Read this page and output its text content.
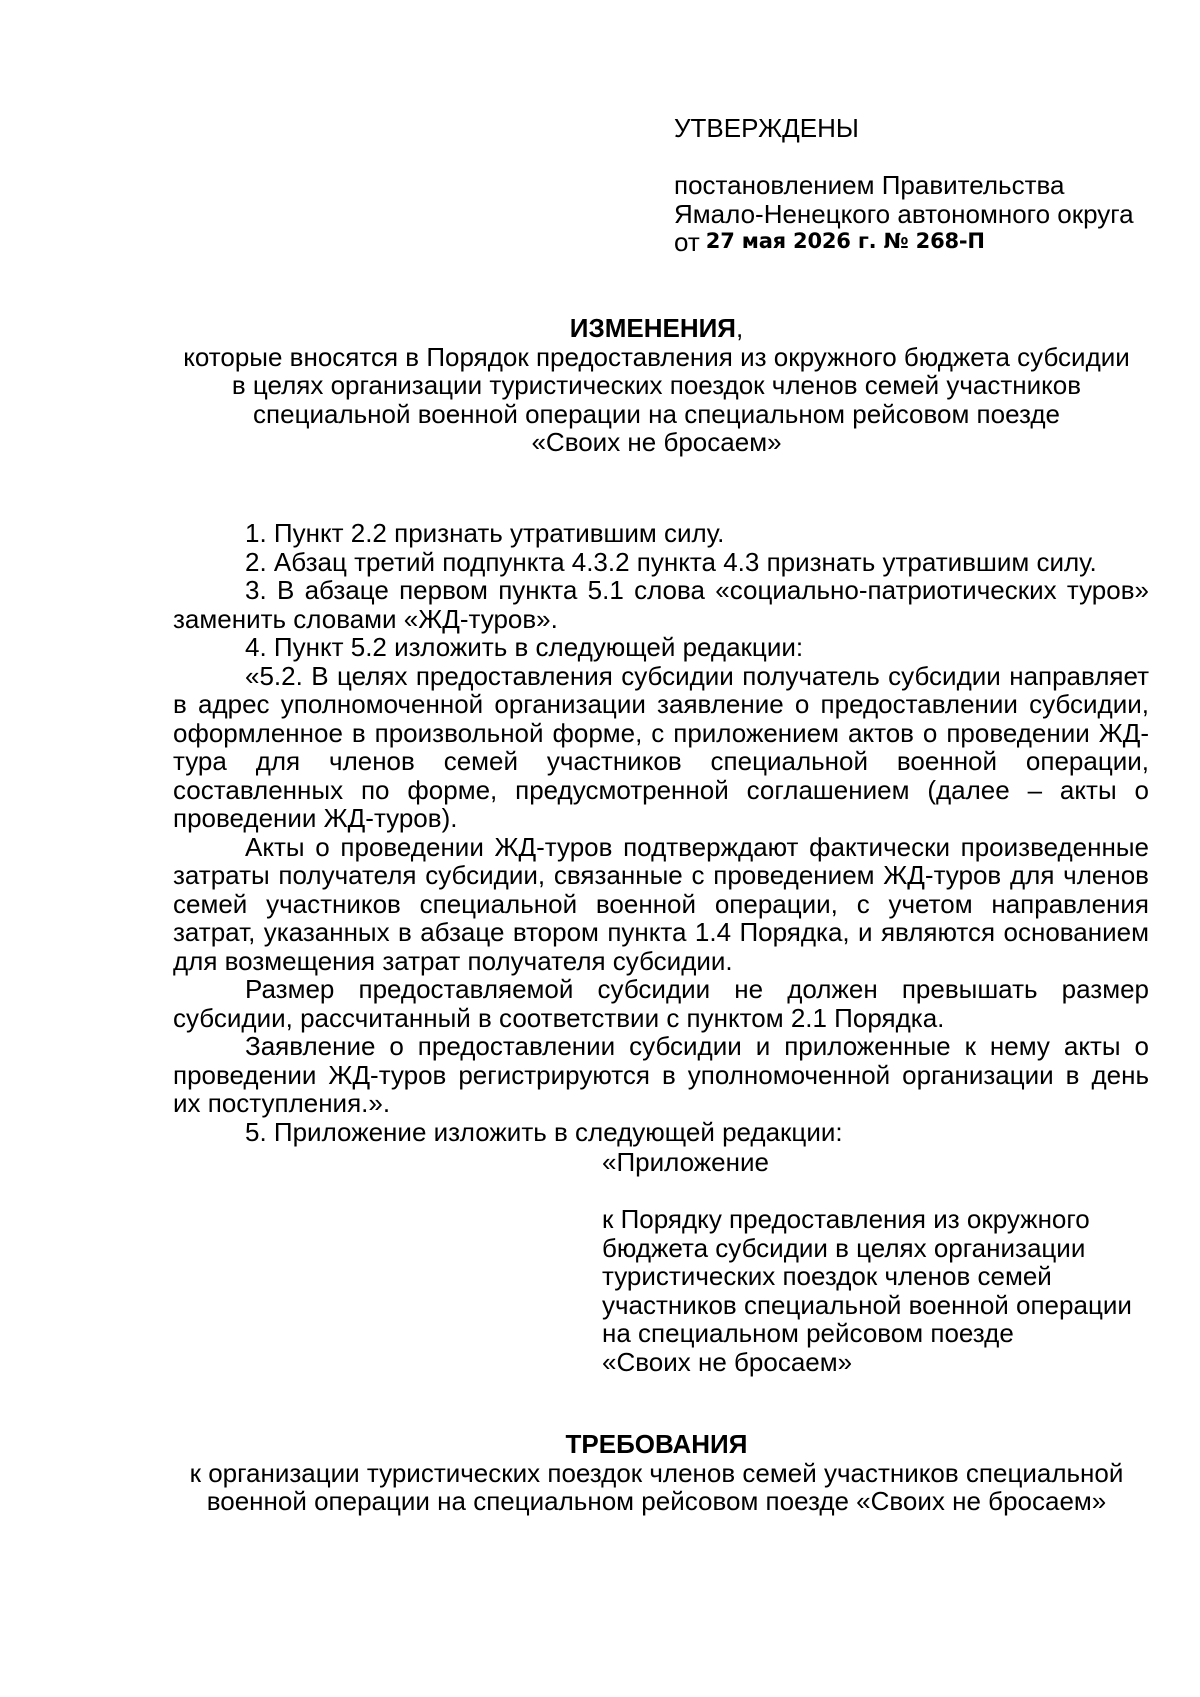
УТВЕРЖДЕНЫ
постановлением Правительства
Ямало-Ненецкого автономного округа
от 27 мая 2026 г. № 268-П
ИЗМЕНЕНИЯ,
которые вносятся в Порядок предоставления из окружного бюджета субсидии
в целях организации туристических поездок членов семей участников
специальной военной операции на специальном рейсовом поезде
«Своих не бросаем»

1. Пункт 2.2 признать утратившим силу.

2. Абзац третий подпункта 4.3.2 пункта 4.3 признать утратившим силу.

3. В абзаце первом пункта 5.1 слова «социально-патриотических туров» заменить словами «ЖД-туров».

4. Пункт 5.2 изложить в следующей редакции:

«5.2. В целях предоставления субсидии получатель субсидии направляет в адрес уполномоченной организации заявление о предоставлении субсидии, оформленное в произвольной форме, с приложением актов о проведении ЖД-тура для членов семей участников специальной военной операции, составленных по форме, предусмотренной соглашением (далее – акты о проведении ЖД-туров).

Акты о проведении ЖД-туров подтверждают фактически произведенные затраты получателя субсидии, связанные с проведением ЖД-туров для членов семей участников специальной военной операции, с учетом направления затрат, указанных в абзаце втором пункта 1.4 Порядка, и являются основанием для возмещения затрат получателя субсидии.

Размер предоставляемой субсидии не должен превышать размер субсидии, рассчитанный в соответствии с пунктом 2.1 Порядка.

Заявление о предоставлении субсидии и приложенные к нему акты о проведении ЖД-туров регистрируются в уполномоченной организации в день их поступления.».

5. Приложение изложить в следующей редакции:

«Приложение
к Порядку предоставления из окружного
бюджета субсидии в целях организации
туристических поездок членов семей
участников специальной военной операции
на специальном рейсовом поезде
«Своих не бросаем»
ТРЕБОВАНИЯ
к организации туристических поездок членов семей участников специальной
военной операции на специальном рейсовом поезде «Своих не бросаем»
